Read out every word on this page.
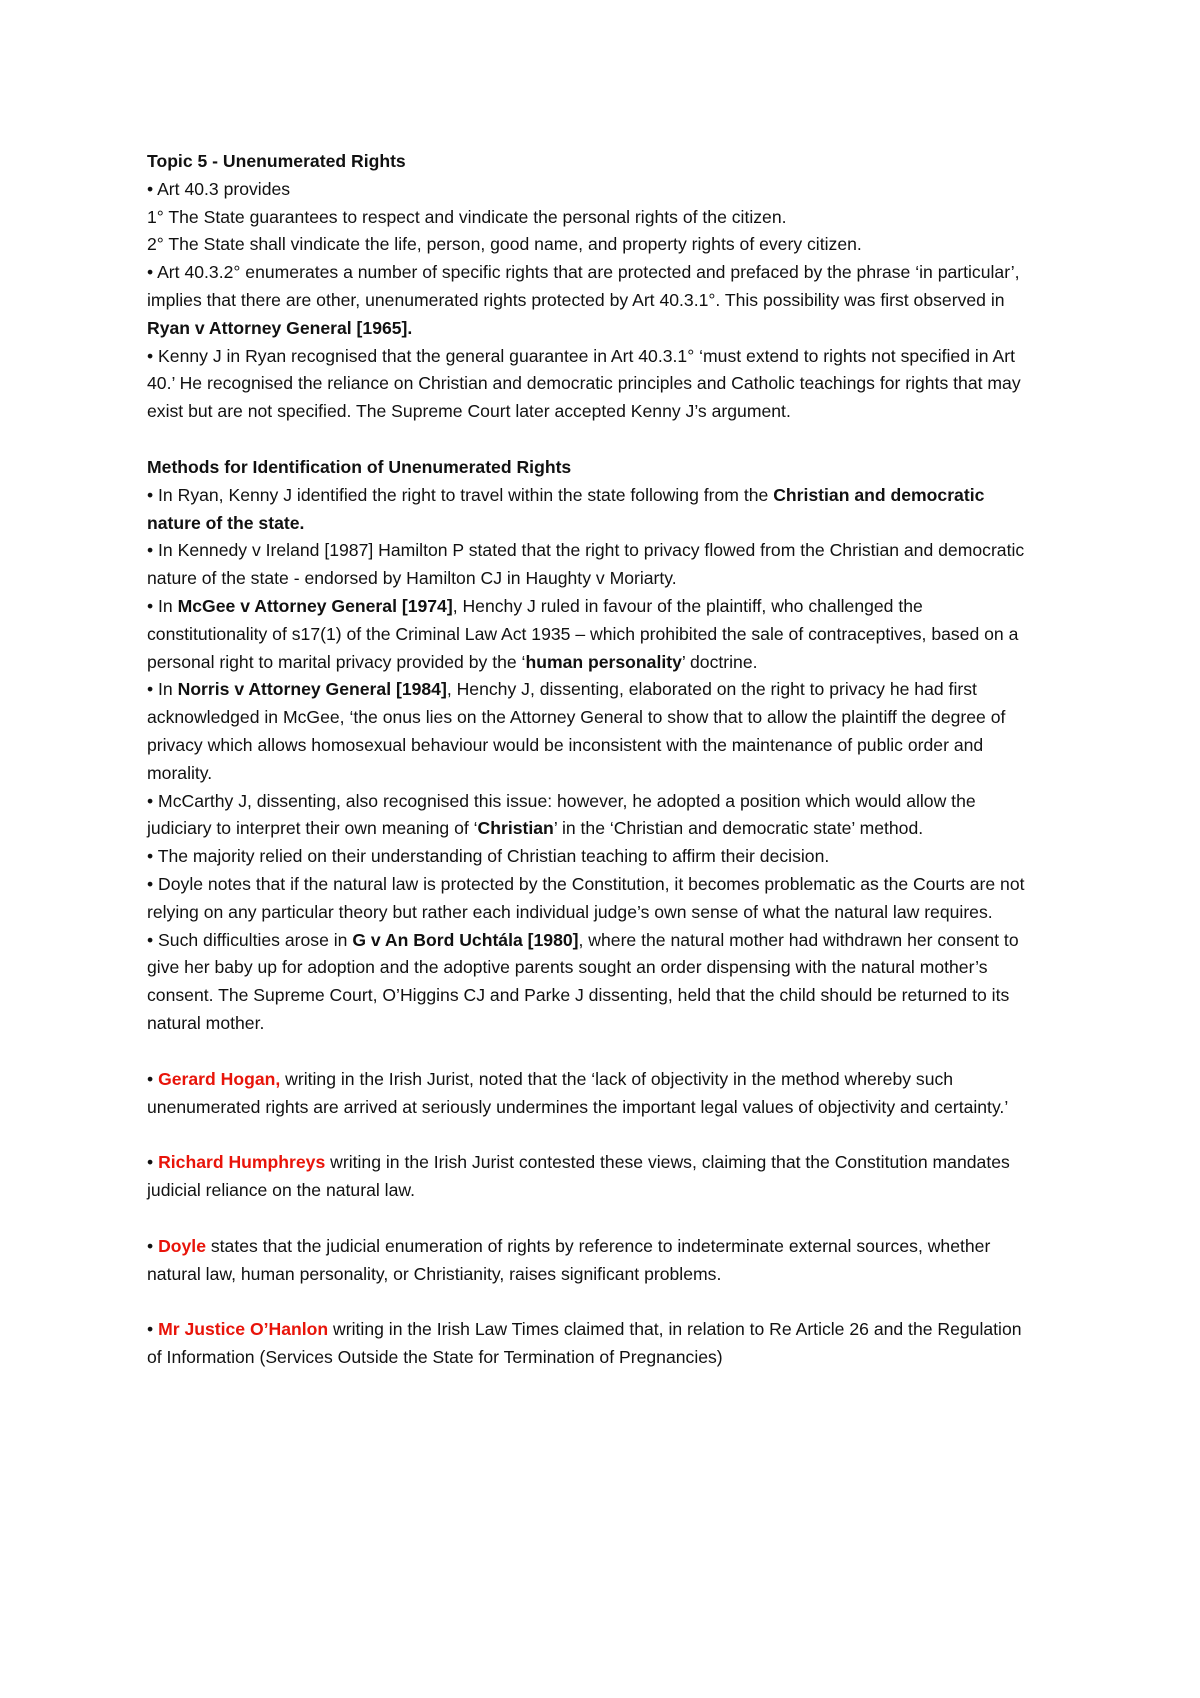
Topic 5 - Unenumerated Rights

• Art 40.3 provides

1° The State guarantees to respect and vindicate the personal rights of the citizen.

2° The State shall vindicate the life, person, good name, and property rights of every citizen.

• Art 40.3.2° enumerates a number of specific rights that are protected and prefaced by the phrase ‘in particular’, implies that there are other, unenumerated rights protected by Art 40.3.1°. This possibility was first observed in Ryan v Attorney General [1965].

• Kenny J in Ryan recognised that the general guarantee in Art 40.3.1° ‘must extend to rights not specified in Art 40.’ He recognised the reliance on Christian and democratic principles and Catholic teachings for rights that may exist but are not specified. The Supreme Court later accepted Kenny J’s argument.

Methods for Identification of Unenumerated Rights

• In Ryan, Kenny J identified the right to travel within the state following from the Christian and democratic nature of the state.

• In Kennedy v Ireland [1987] Hamilton P stated that the right to privacy flowed from the Christian and democratic nature of the state - endorsed by Hamilton CJ in Haughty v Moriarty.

• In McGee v Attorney General [1974], Henchy J ruled in favour of the plaintiff, who challenged the constitutionality of s17(1) of the Criminal Law Act 1935 – which prohibited the sale of contraceptives, based on a personal right to marital privacy provided by the ‘human personality’ doctrine.

• In Norris v Attorney General [1984], Henchy J, dissenting, elaborated on the right to privacy he had first acknowledged in McGee, ‘the onus lies on the Attorney General to show that to allow the plaintiff the degree of privacy which allows homosexual behaviour would be inconsistent with the maintenance of public order and morality.

• McCarthy J, dissenting, also recognised this issue: however, he adopted a position which would allow the judiciary to interpret their own meaning of ‘Christian’ in the ‘Christian and democratic state’ method.

• The majority relied on their understanding of Christian teaching to affirm their decision.

• Doyle notes that if the natural law is protected by the Constitution, it becomes problematic as the Courts are not relying on any particular theory but rather each individual judge’s own sense of what the natural law requires.

• Such difficulties arose in G v An Bord Uchtála [1980], where the natural mother had withdrawn her consent to give her baby up for adoption and the adoptive parents sought an order dispensing with the natural mother’s consent. The Supreme Court, O’Higgins CJ and Parke J dissenting, held that the child should be returned to its natural mother.

• Gerard Hogan, writing in the Irish Jurist, noted that the ‘lack of objectivity in the method whereby such unenumerated rights are arrived at seriously undermines the important legal values of objectivity and certainty.’

• Richard Humphreys writing in the Irish Jurist contested these views, claiming that the Constitution mandates judicial reliance on the natural law.

• Doyle states that the judicial enumeration of rights by reference to indeterminate external sources, whether natural law, human personality, or Christianity, raises significant problems.

• Mr Justice O’Hanlon writing in the Irish Law Times claimed that, in relation to Re Article 26 and the Regulation of Information (Services Outside the State for Termination of Pregnancies)
